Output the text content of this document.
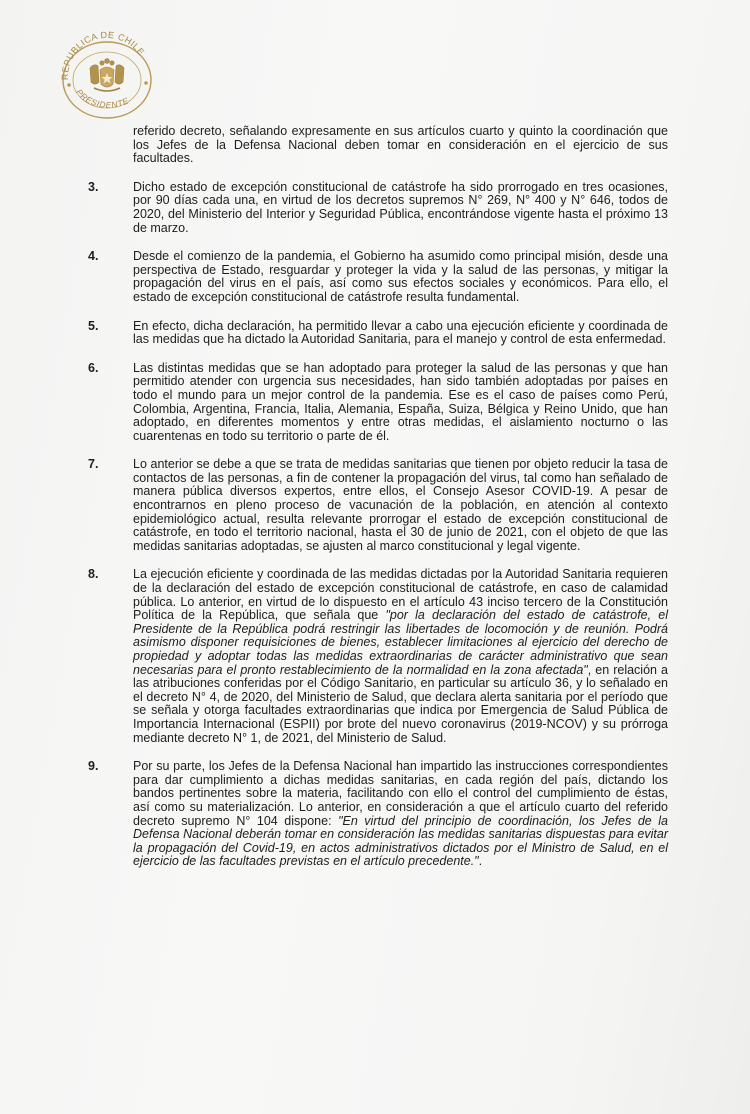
REPUBLICA DE CHILE
PRESIDENTE
referido decreto, señalando expresamente en sus artículos cuarto y quinto la coordinación que los Jefes de la Defensa Nacional deben tomar en consideración en el ejercicio de sus facultades.
3.	Dicho estado de excepción constitucional de catástrofe ha sido prorrogado en tres ocasiones, por 90 días cada una, en virtud de los decretos supremos N° 269, N° 400 y N° 646, todos de 2020, del Ministerio del Interior y Seguridad Pública, encontrándose vigente hasta el próximo 13 de marzo.
4.	Desde el comienzo de la pandemia, el Gobierno ha asumido como principal misión, desde una perspectiva de Estado, resguardar y proteger la vida y la salud de las personas, y mitigar la propagación del virus en el país, así como sus efectos sociales y económicos. Para ello, el estado de excepción constitucional de catástrofe resulta fundamental.
5.	En efecto, dicha declaración, ha permitido llevar a cabo una ejecución eficiente y coordinada de las medidas que ha dictado la Autoridad Sanitaria, para el manejo y control de esta enfermedad.
6.	Las distintas medidas que se han adoptado para proteger la salud de las personas y que han permitido atender con urgencia sus necesidades, han sido también adoptadas por países en todo el mundo para un mejor control de la pandemia. Ese es el caso de países como Perú, Colombia, Argentina, Francia, Italia, Alemania, España, Suiza, Bélgica y Reino Unido, que han adoptado, en diferentes momentos y entre otras medidas, el aislamiento nocturno o las cuarentenas en todo su territorio o parte de él.
7.	Lo anterior se debe a que se trata de medidas sanitarias que tienen por objeto reducir la tasa de contactos de las personas, a fin de contener la propagación del virus, tal como han señalado de manera pública diversos expertos, entre ellos, el Consejo Asesor COVID-19. A pesar de encontrarnos en pleno proceso de vacunación de la población, en atención al contexto epidemiológico actual, resulta relevante prorrogar el estado de excepción constitucional de catástrofe, en todo el territorio nacional, hasta el 30 de junio de 2021, con el objeto de que las medidas sanitarias adoptadas, se ajusten al marco constitucional y legal vigente.
8.	La ejecución eficiente y coordinada de las medidas dictadas por la Autoridad Sanitaria requieren de la declaración del estado de excepción constitucional de catástrofe, en caso de calamidad pública. Lo anterior, en virtud de lo dispuesto en el artículo 43 inciso tercero de la Constitución Política de la República, que señala que "por la declaración del estado de catástrofe, el Presidente de la República podrá restringir las libertades de locomoción y de reunión. Podrá asimismo disponer requisiciones de bienes, establecer limitaciones al ejercicio del derecho de propiedad y adoptar todas las medidas extraordinarias de carácter administrativo que sean necesarias para el pronto restablecimiento de la normalidad en la zona afectada", en relación a las atribuciones conferidas por el Código Sanitario, en particular su artículo 36, y lo señalado en el decreto N° 4, de 2020, del Ministerio de Salud, que declara alerta sanitaria por el período que se señala y otorga facultades extraordinarias que indica por Emergencia de Salud Pública de Importancia Internacional (ESPII) por brote del nuevo coronavirus (2019-NCOV) y su prórroga mediante decreto N° 1, de 2021, del Ministerio de Salud.
9.	Por su parte, los Jefes de la Defensa Nacional han impartido las instrucciones correspondientes para dar cumplimiento a dichas medidas sanitarias, en cada región del país, dictando los bandos pertinentes sobre la materia, facilitando con ello el control del cumplimiento de éstas, así como su materialización. Lo anterior, en consideración a que el artículo cuarto del referido decreto supremo N° 104 dispone: "En virtud del principio de coordinación, los Jefes de la Defensa Nacional deberán tomar en consideración las medidas sanitarias dispuestas para evitar la propagación del Covid-19, en actos administrativos dictados por el Ministro de Salud, en el ejercicio de las facultades previstas en el artículo precedente.".
